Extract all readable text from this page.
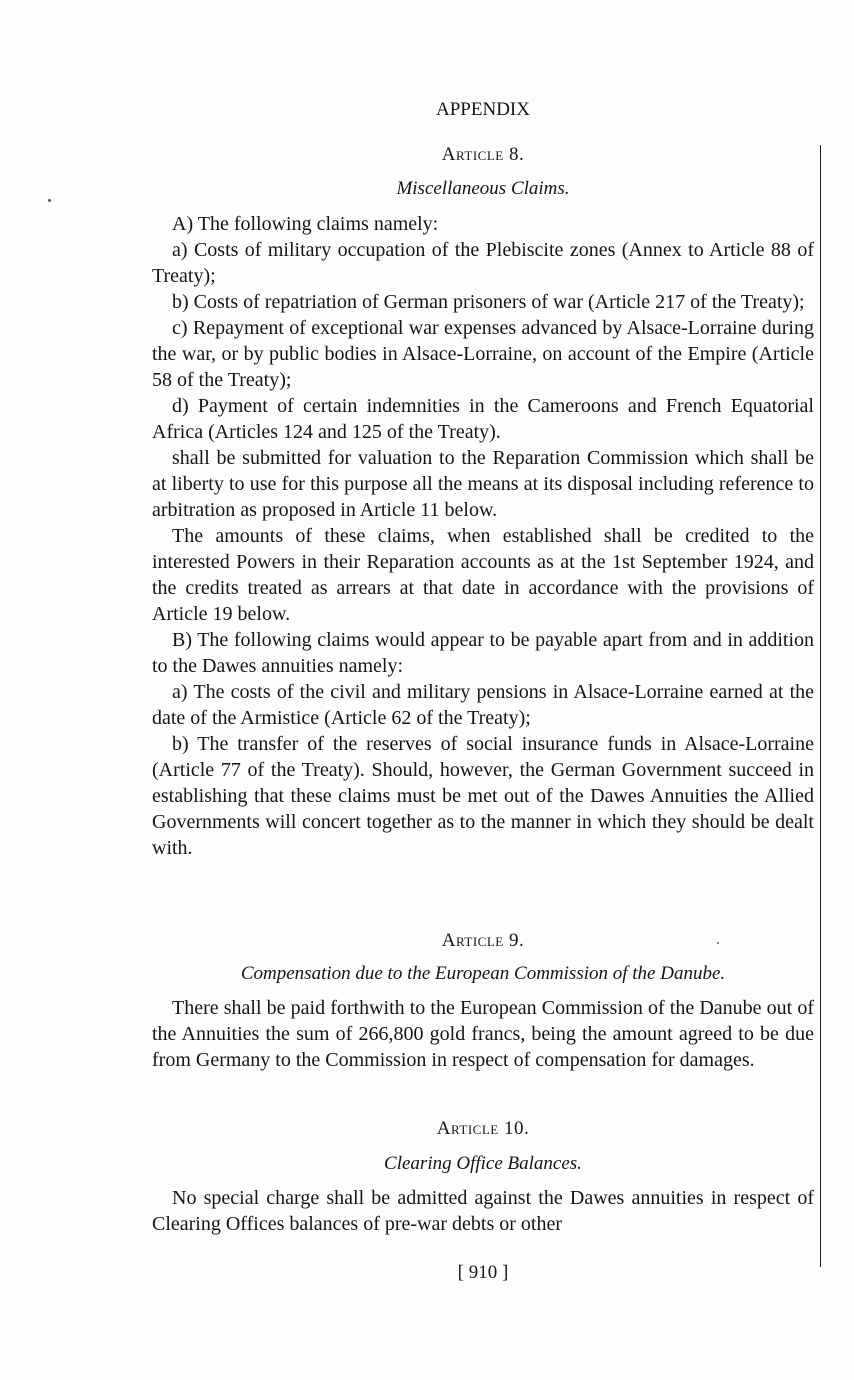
APPENDIX
Article 8.
Miscellaneous Claims.

A) The following claims namely:

a) Costs of military occupation of the Plebiscite zones (Annex to Article 88 of Treaty);

b) Costs of repatriation of German prisoners of war (Article 217 of the Treaty);

c) Repayment of exceptional war expenses advanced by Alsace-Lorraine during the war, or by public bodies in Alsace-Lorraine, on account of the Empire (Article 58 of the Treaty);

d) Payment of certain indemnities in the Cameroons and French Equatorial Africa (Articles 124 and 125 of the Treaty).

shall be submitted for valuation to the Reparation Commission which shall be at liberty to use for this purpose all the means at its disposal including reference to arbitration as proposed in Article 11 below.

The amounts of these claims, when established shall be credited to the interested Powers in their Reparation accounts as at the 1st September 1924, and the credits treated as arrears at that date in accordance with the provisions of Article 19 below.

B) The following claims would appear to be payable apart from and in addition to the Dawes annuities namely:

a) The costs of the civil and military pensions in Alsace-Lorraine earned at the date of the Armistice (Article 62 of the Treaty);

b) The transfer of the reserves of social insurance funds in Alsace-Lorraine (Article 77 of the Treaty). Should, however, the German Government succeed in establishing that these claims must be met out of the Dawes Annuities the Allied Governments will concert together as to the manner in which they should be dealt with.

Article 9.
Compensation due to the European Commission of the Danube.

There shall be paid forthwith to the European Commission of the Danube out of the Annuities the sum of 266,800 gold francs, being the amount agreed to be due from Germany to the Commission in respect of compensation for damages.

Article 10.
Clearing Office Balances.

No special charge shall be admitted against the Dawes annuities in respect of Clearing Offices balances of pre-war debts or other

[ 910 ]
